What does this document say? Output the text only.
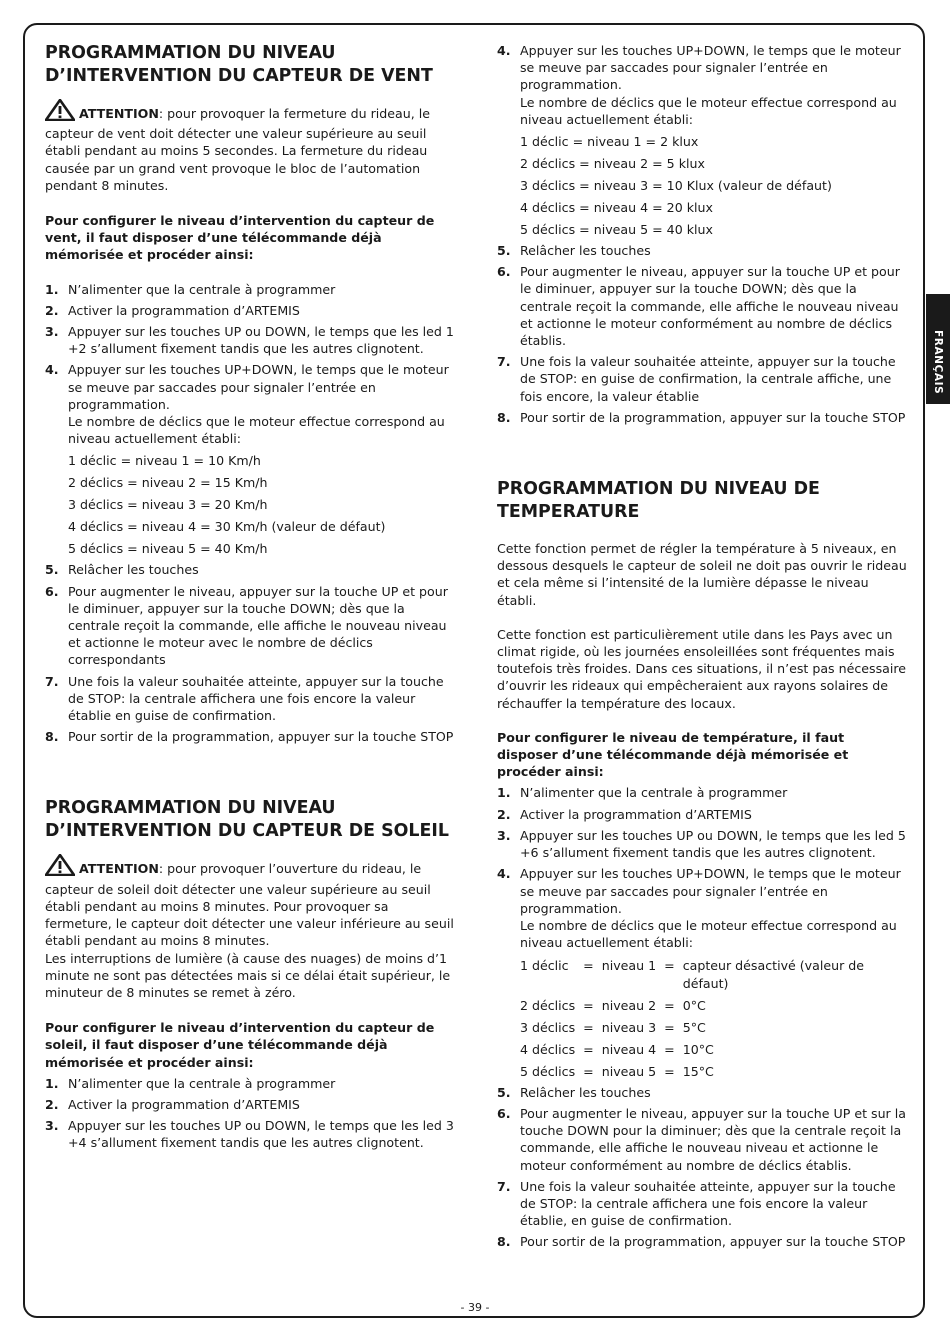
FRANÇAIS
PROGRAMMATION DU NIVEAU D’INTERVENTION DU CAPTEUR DE VENT

ATTENTION: pour provoquer la fermeture du rideau, le capteur de vent doit détecter une valeur supérieure au seuil établi pendant au moins 5 secondes. La fermeture du rideau causée par un grand vent provoque le bloc de l’automation pendant 8 minutes.

Pour configurer le niveau d’intervention du capteur de vent, il faut disposer d’une télécommande déjà mémorisée et procéder ainsi:

1. N’alimenter que la centrale à programmer
2. Activer la programmation d’ARTEMIS
3. Appuyer sur les touches UP ou DOWN, le temps que les led 1 +2 s’allument fixement tandis que les autres clignotent.
4. Appuyer sur les touches UP+DOWN, le temps que le moteur se meuve par saccades pour signaler l’entrée en programmation.
Le nombre de déclics que le moteur effectue correspond au niveau actuellement établi:
1 déclic = niveau 1 = 10 Km/h
2 déclics = niveau 2 = 15 Km/h
3 déclics = niveau 3 = 20 Km/h
4 déclics = niveau 4 = 30 Km/h (valeur de défaut)
5 déclics = niveau 5 = 40 Km/h
5. Relâcher les touches
6. Pour augmenter le niveau, appuyer sur la touche UP et pour le diminuer, appuyer sur la touche DOWN; dès que la centrale reçoit la commande, elle affiche le nouveau niveau et actionne le moteur avec le nombre de déclics correspondants
7. Une fois la valeur souhaitée atteinte, appuyer sur la touche de STOP: la centrale affichera une fois encore la valeur établie en guise de confirmation.
8. Pour sortir de la programmation, appuyer sur la touche STOP
PROGRAMMATION DU NIVEAU D’INTERVENTION DU CAPTEUR DE SOLEIL

ATTENTION: pour provoquer l’ouverture du rideau, le capteur de soleil doit détecter une valeur supérieure au seuil établi pendant au moins 8 minutes. Pour provoquer sa fermeture, le capteur doit détecter une valeur inférieure au seuil établi pendant au moins 8 minutes.
Les interruptions de lumière (à cause des nuages) de moins d’1 minute ne sont pas détectées mais si ce délai était supérieur, le minuteur de 8 minutes se remet à zéro.

Pour configurer le niveau d’intervention du capteur de soleil, il faut disposer d’une télécommande déjà mémorisée et procéder ainsi:

1. N’alimenter que la centrale à programmer
2. Activer la programmation d’ARTEMIS
3. Appuyer sur les touches UP ou DOWN, le temps que les led 3 +4 s’allument fixement tandis que les autres clignotent.
4. Appuyer sur les touches UP+DOWN, le temps que le moteur se meuve par saccades pour signaler l’entrée en programmation.
Le nombre de déclics que le moteur effectue correspond au niveau actuellement établi:
1 déclic = niveau 1 = 2 klux
2 déclics = niveau 2 = 5 klux
3 déclics = niveau 3 = 10 Klux (valeur de défaut)
4 déclics = niveau 4 = 20 klux
5 déclics = niveau 5 = 40 klux
5. Relâcher les touches
6. Pour augmenter le niveau, appuyer sur la touche UP et pour le diminuer, appuyer sur la touche DOWN; dès que la centrale reçoit la commande, elle affiche le nouveau niveau et actionne le moteur conformément au nombre de déclics établis.
7. Une fois la valeur souhaitée atteinte, appuyer sur la touche de STOP: en guise de confirmation, la centrale affiche, une fois encore, la valeur établie
8. Pour sortir de la programmation, appuyer sur la touche STOP
PROGRAMMATION DU NIVEAU DE TEMPERATURE

Cette fonction permet de régler la température à 5 niveaux, en dessous desquels le capteur de soleil ne doit pas ouvrir le rideau et cela même si l’intensité de la lumière dépasse le niveau établi.

Cette fonction est particulièrement utile dans les Pays avec un climat rigide, où les journées ensoleillées sont fréquentes mais toutefois très froides. Dans ces situations, il n’est pas nécessaire d’ouvrir les rideaux qui empêcheraient aux rayons solaires de réchauffer la température des locaux.

Pour configurer le niveau de température, il faut disposer d’une télécommande déjà mémorisée et procéder ainsi:

1. N’alimenter que la centrale à programmer
2. Activer la programmation d’ARTEMIS
3. Appuyer sur les touches UP ou DOWN, le temps que les led 5 +6 s’allument fixement tandis que les autres clignotent.
4. Appuyer sur les touches UP+DOWN, le temps que le moteur se meuve par saccades pour signaler l’entrée en programmation.
Le nombre de déclics que le moteur effectue correspond au niveau actuellement établi:
1 déclic	= niveau 1 = capteur désactivé (valeur de défaut)
2 déclics = niveau 2 = 0°C
3 déclics = niveau 3 = 5°C
4 déclics = niveau 4 = 10°C
5 déclics = niveau 5 = 15°C
5. Relâcher les touches
6. Pour augmenter le niveau, appuyer sur la touche UP et sur la touche DOWN pour la diminuer; dès que la centrale reçoit la commande, elle affiche le nouveau niveau et actionne le moteur conformément au nombre de déclics établis.
7. Une fois la valeur souhaitée atteinte, appuyer sur la touche de STOP: la centrale affichera une fois encore la valeur établie, en guise de confirmation.
8. Pour sortir de la programmation, appuyer sur la touche STOP
- 39 -
